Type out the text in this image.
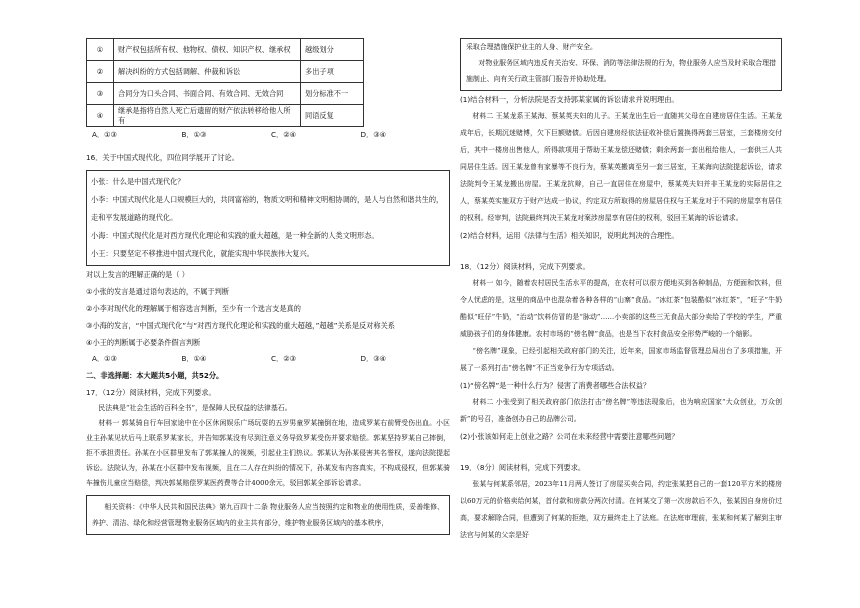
①	财产权包括所有权、他物权、债权、知识产权、继承权	越级划分
②	解决纠纷的方式包括调解、仲裁和诉讼	多出子项
③	合同分为口头合同、书面合同、有效合同、无效合同	划分标准不一
④	继承是指将自然人死亡后遗留的财产依法转移给他人所有	同语反复
A．①③	B．①③	C．②④	D．③④

16．关于中国式现代化，四位同学展开了讨论。

小张：什么是中国式现代化？

小李：中国式现代化是人口规模巨大的，共同富裕的，物质文明和精神文明相协调的，是人与自然和谐共生的，

走和平发展道路的现代化。

小海：中国式现代化是对西方现代化理论和实践的重大超越，是一种全新的人类文明形态。

小王：只要坚定不移推进中国式现代化，就能实现中华民族伟大复兴。

对以上发言的理解正确的是（ ）

①小张的发言是通过语句表达的，不属于判断

②小李对现代化的理解属于相容选言判断，至少有一个选言支是真的

③小海的发言，“中国式现代化”与“对西方现代化理论和实践的重大超越，”超越”关系是反对称关系

④小王的判断属于必要条件假言判断

A．①③	B．①④	C．②③	D．③④

二、非选择题：本大题共5小题，共52分。

17．（12分）阅读材料，完成下列要求。

民法典是“社会生活的百科全书”，是保障人民权益的法律基石。

材料一 郭某骑自行车回家途中在小区休闲娱乐广场玩耍的五岁男童罗某撞倒在地，造成罗某右前臂受伤出血。小区业主孙某见状后马上联系罗某家长，并告知郭某没有尽到注意义务导致罗某受伤并要求赔偿。郭某坚持罗某自己摔倒，拒不承担责任。孙某在小区群里发布了郭某撞人的视频，引起业主们热议。郭某认为孙某侵害其名誉权，遂向法院提起诉讼。法院认为，孙某在小区群中发布视频，且在二人存在纠纷的情况下，孙某发布内容真实，不构成侵权，但郭某骑车撞伤儿童应当赔偿，判决郭某赔偿罗某医药费等合计4000余元，驳回郭某全部诉讼请求。

相关资料：《中华人民共和国民法典》第九百四十二条 物业服务人应当按照约定和物业的使用性质，妥善维修、养护、清洁、绿化和经营管理物业服务区域内的业主共有部分，维护物业服务区域内的基本秩序，

采取合理措施保护业主的人身、财产安全。

对物业服务区域内违反有关治安、环保、消防等法律法规的行为，物业服务人应当及时采取合理措施制止、向有关行政主管部门报告并协助处理。

(1)结合材料一，分析法院是否支持郭某家属的诉讼请求并说明理由。

材料二 王某龙系王某海、蔡某英夫妇的儿子。王某龙出生后一直随其父母在自建房居住生活。王某龙成年后，长期沉迷赌博，欠下巨额赌债。后因自建房经依法征收补偿后置换得两套三居室，三套楼房交付后，其中一楼房出售他人，所得款项用于帮助王某龙偿还赌债；剩余两套一套出租给他人，一套供三人共同居住生活。因王某龙曾有家暴等不良行为，蔡某英搬离至另一套三居室，王某海向法院提起诉讼，请求法院判令王某龙搬出房屋。王某龙抗辩，自己一直居住在房屋中，蔡某英夫妇并非王某龙的实际居住之人，蔡某英实施双方于财产达成一协议，约定双方所取得的房屋居住权与王某龙对于不同的房屋享有居住的权利。经审判，法院最终判决王某龙对案涉房屋享有居住的权利，驳回王某海的诉讼请求。

(2)结合材料，运用《法律与生活》相关知识，说明此判决的合理性。

18．（12分）阅读材料，完成下列要求。

材料一 如今，随着农村居民生活水平的提高，在农村可以很方便地买到各种制品，方便面和饮料，但令人忧虑的是，这里的商品中也混杂着各种各样的“山寨”食品。“冰红茶”包装酷似“冰红茶”，“旺子”牛奶酷似“旺仔”牛奶，“治动”饮料仿冒的是“脉动”……小卖部的这些三无食品大部分卖给了学校的学生，严重威胁孩子们的身体健康。农村市场的“傍名牌”食品，也是当下农村食品安全形势严峻的一个缩影。

“傍名牌”现象，已经引起相关政府部门的关注，近年来，国家市场监督管理总局出台了多项措施，开展了一系列打击“傍名牌”不正当竞争行为专项活动。

(1)“傍名牌”是一种什么行为？侵害了消费者哪些合法权益？

材料二 小张受到了相关政府部门依法打击“傍名牌”等违法现象后，也为响应国家“大众创业，万众创新”的号召，准备创办自己的品牌公司。

(2)小张该如何走上创业之路？公司在未来经营中需要注意哪些问题？

19．（8分）阅读材料，完成下列要求。

张某与何某系邻居，2023年11月两人签订了房屋买卖合同，约定张某把自己的一套120平方米的楼房以60万元的价格卖给何某，首付款和房款分两次付清。在何某交了第一次房款后不久，张某因自身房价过高，要求解除合同，但遭到了何某的拒绝，双方最终走上了法庭。在法庭审理前，张某和何某了解到主审法官与何某的父亲是好
